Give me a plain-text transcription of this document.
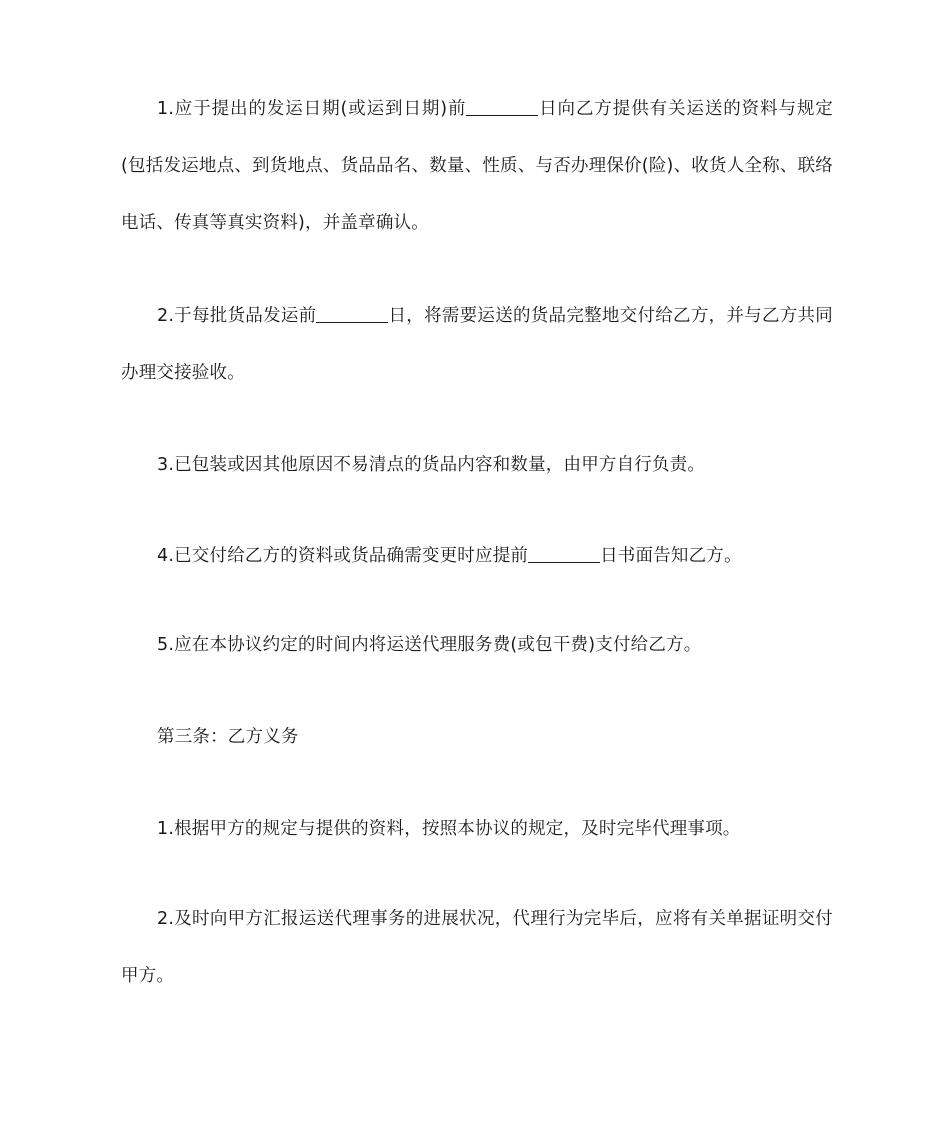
1.应于提出的发运日期(或运到日期)前	日向乙方提供有关运送的资料与规定(包括发运地点、到货地点、货品品名、数量、性质、与否办理保价(险)、收货人全称、联络电话、传真等真实资料)，并盖章确认。

2.于每批货品发运前	日，将需要运送的货品完整地交付给乙方，并与乙方共同办理交接验收。

3.已包装或因其他原因不易清点的货品内容和数量，由甲方自行负责。

4.已交付给乙方的资料或货品确需变更时应提前	日书面告知乙方。

5.应在本协议约定的时间内将运送代理服务费(或包干费)支付给乙方。

第三条：乙方义务

1.根据甲方的规定与提供的资料，按照本协议的规定，及时完毕代理事项。

2.及时向甲方汇报运送代理事务的进展状况，代理行为完毕后，应将有关单据证明交付甲方。
